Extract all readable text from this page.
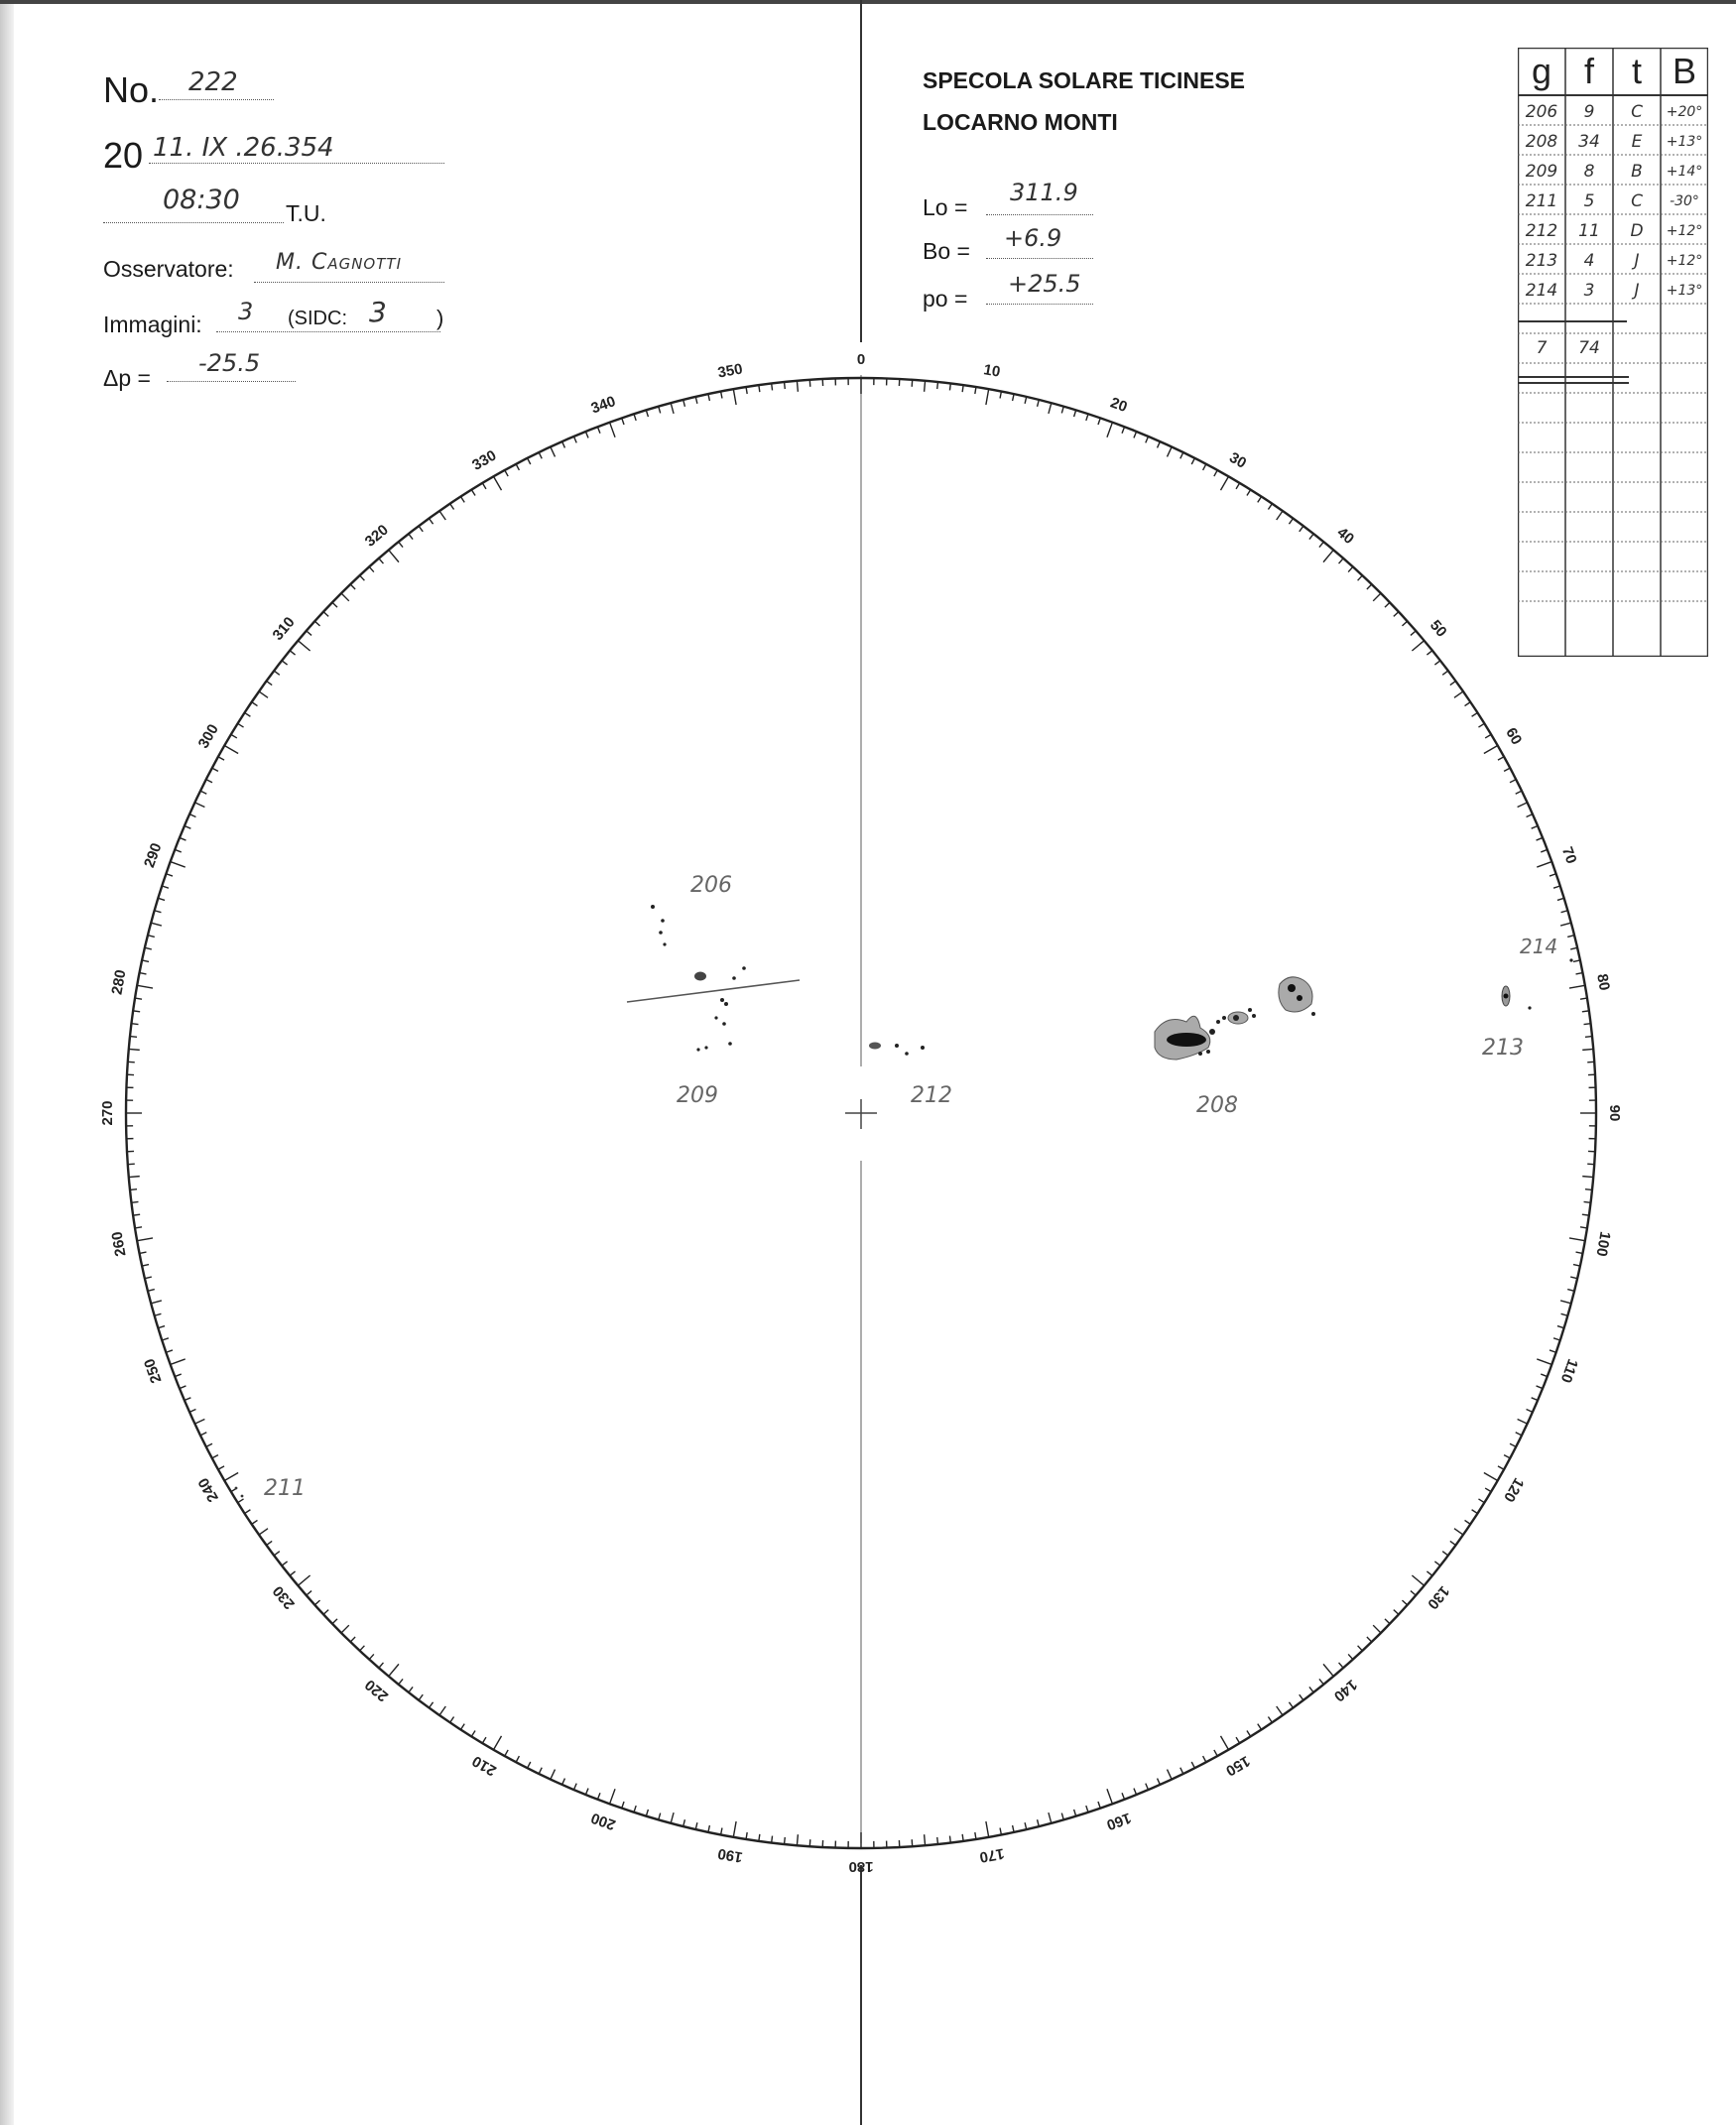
No. 222
20 11. IX .26.354
08:30 T.U.
Osservatore: M. Cagnotti
Immagini: 3 (SIDC: 3 )
Δp =
-25.5
SPECOLA SOLARE TICINESE
LOCARNO MONTI
Lo =
311.9
Bo = +6.9
po =
+25.5
g f	t B
206	9	C	+20°
208	34	E	+13°
209	8	B	+14°
211	5	C	-30°
212	11	D	+12°
213	4	J	+12°
214	3	J	+13°
7	74
0
10
20
30
40
50
60
70
80
90
100
110
120
130
140
150
160
170
180
190
200
210
220
230
240
250
260
270
280
290
300
310
320
330
340
350
206
209	212	208
214
213
211
